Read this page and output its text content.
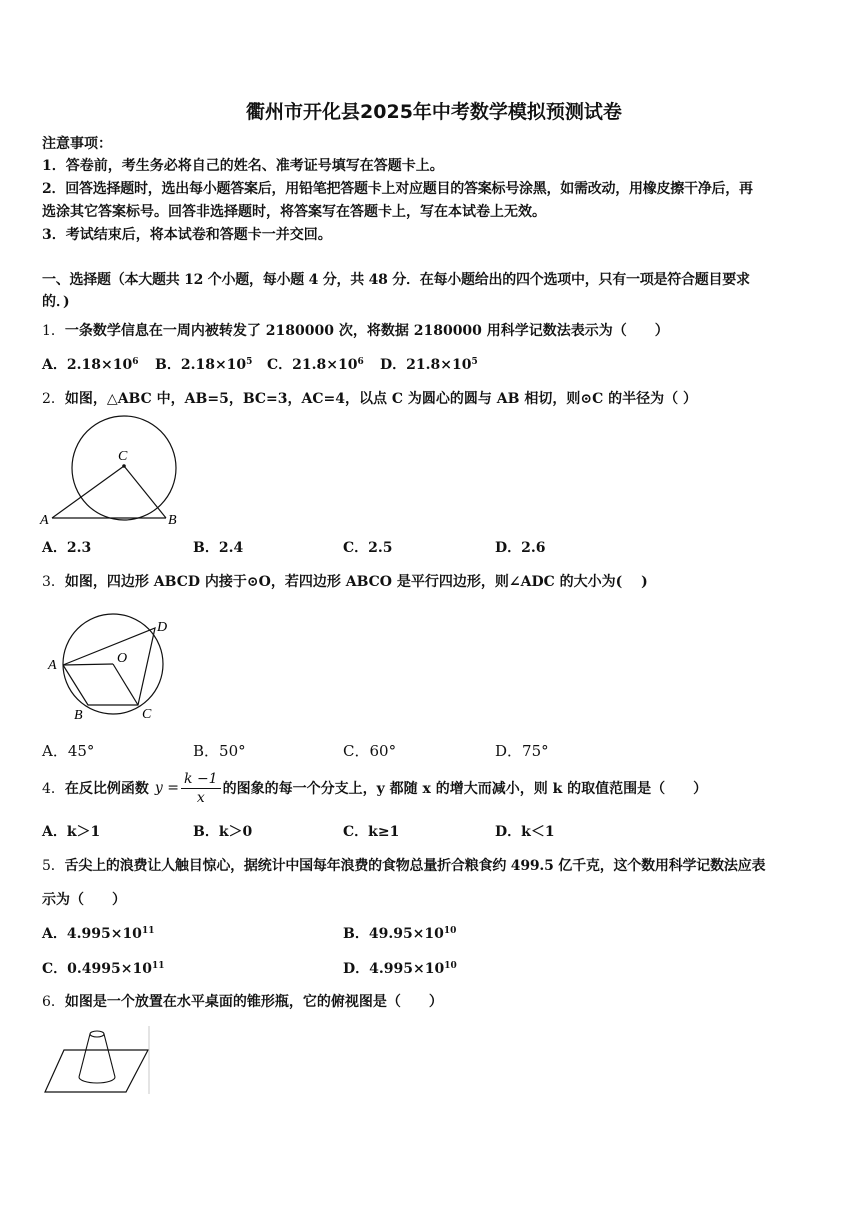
衢州市开化县2025年中考数学模拟预测试卷
注意事项：
1．答卷前，考生务必将自己的姓名、准考证号填写在答题卡上。
2．回答选择题时，选出每小题答案后，用铅笔把答题卡上对应题目的答案标号涂黑，如需改动，用橡皮擦干净后，再
选涂其它答案标号。回答非选择题时，将答案写在答题卡上，写在本试卷上无效。
3．考试结束后，将本试卷和答题卡一并交回。
一、选择题（本大题共 12 个小题，每小题 4 分，共 48 分．在每小题给出的四个选项中，只有一项是符合题目要求
的．)
1．一条数学信息在一周内被转发了 2180000 次，将数据 2180000 用科学记数法表示为（　　）
A．$2.18\times 10^6$ B．$2.18\times 10^5$ C．$21.8\times 10^6$ D．$21.8\times 10^5$
2．如图，△ABC 中，AB=5，BC=3，AC=4，以点 C 为圆心的圆与 AB 相切，则⊙C 的半径为（ ）
C
A	B
A．2.3	B．2.4	C．2.5	D．2.6
3．如图，四边形 ABCD 内接于⊙O，若四边形 ABCO 是平行四边形，则∠ADC 的大小为(　 )
A
B	C
D
O
A．45°	B．50°	C．60°	D．75°
4． 在反比例函数 $y = \frac{k -1}{x}$ 的图象的每一个分支上，y 都随 x 的增大而减小，则 k 的取值范围是（　　）
A．k＞1	B．k＞0	C．k≥1	D．k＜1
5．舌尖上的浪费让人触目惊心，据统计中国每年浪费的食物总量折合粮食约 499.5 亿千克，这个数用科学记数法应表
示为（　　）
A．$4.995\times 10^{11}$	B．$49.95\times 10^{10}$
C．$0.4995\times 10^{11}$	D．$4.995\times 10^{10}$
6．如图是一个放置在水平桌面的锥形瓶，它的俯视图是（　　）
